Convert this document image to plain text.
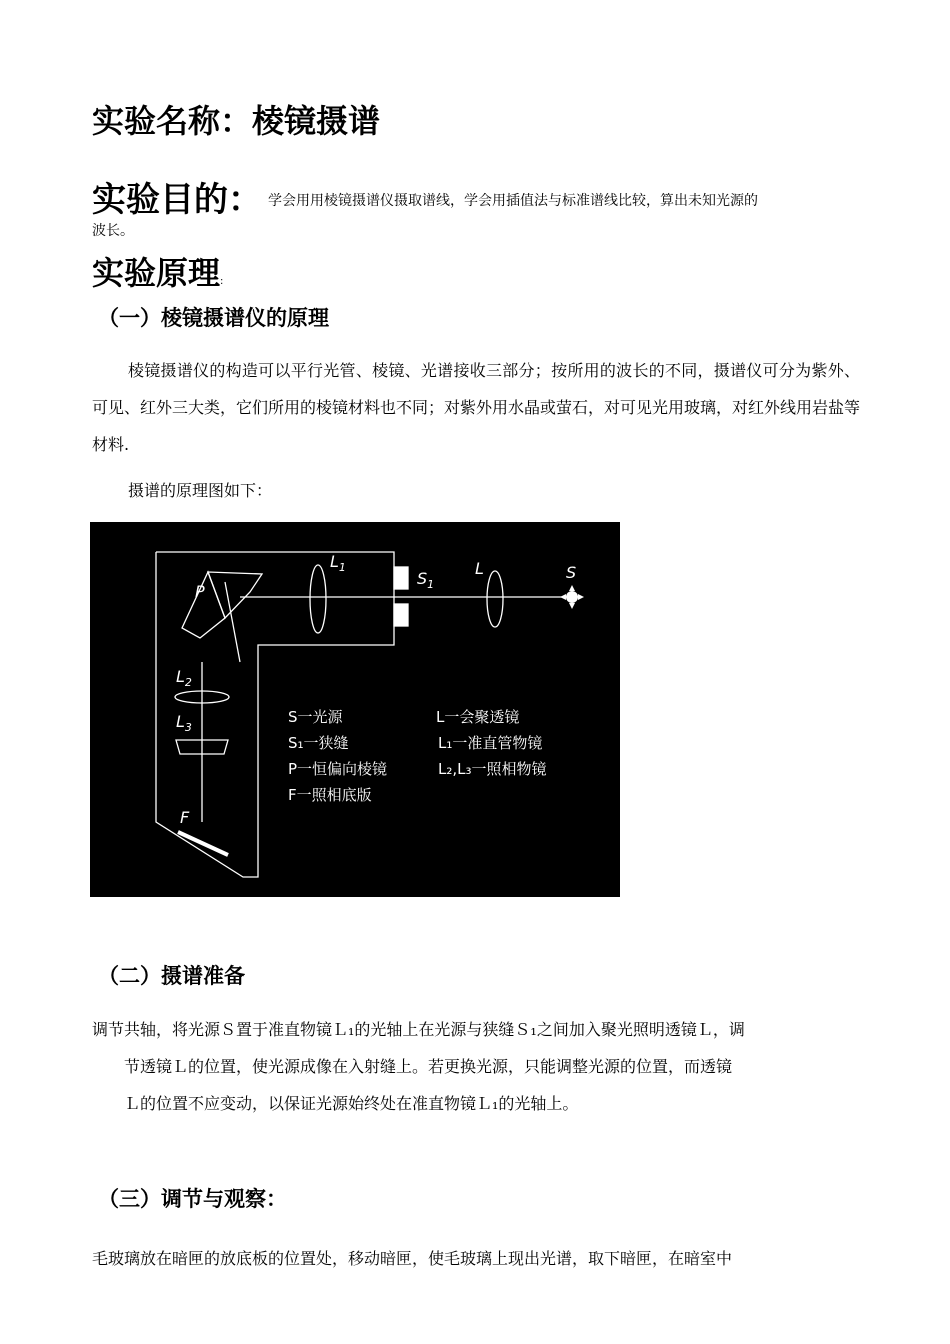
实验名称：棱镜摄谱
实验目的： 学会用用棱镜摄谱仪摄取谱线，学会用插值法与标准谱线比较，算出未知光源的
波长。
实验原理:
（一）棱镜摄谱仪的原理
棱镜摄谱仪的构造可以平行光管、棱镜、光谱接收三部分；按所用的波长的不同，摄谱仪可分为紫外、可见、红外三大类，它们所用的棱镜材料也不同；对紫外用水晶或萤石，对可见光用玻璃，对红外线用岩盐等材料.
摄谱的原理图如下：
P
$L_1$
$S_1$
L	S
$L_2$
$L_3$
F
S一光源
S₁一狭缝
P一恒偏向棱镜
F一照相底版
L一会聚透镜
L₁一准直管物镜
L₂,L₃一照相物镜
（二）摄谱准备
调节共轴，将光源Ｓ置于准直物镜Ｌ₁的光轴上在光源与狭缝Ｓ₁之间加入聚光照明透镜Ｌ，调
节透镜Ｌ的位置，使光源成像在入射缝上。若更换光源，只能调整光源的位置，而透镜
Ｌ的位置不应变动，以保证光源始终处在准直物镜Ｌ₁的光轴上。
（三）调节与观察：
毛玻璃放在暗匣的放底板的位置处，移动暗匣，使毛玻璃上现出光谱，取下暗匣，在暗室中
